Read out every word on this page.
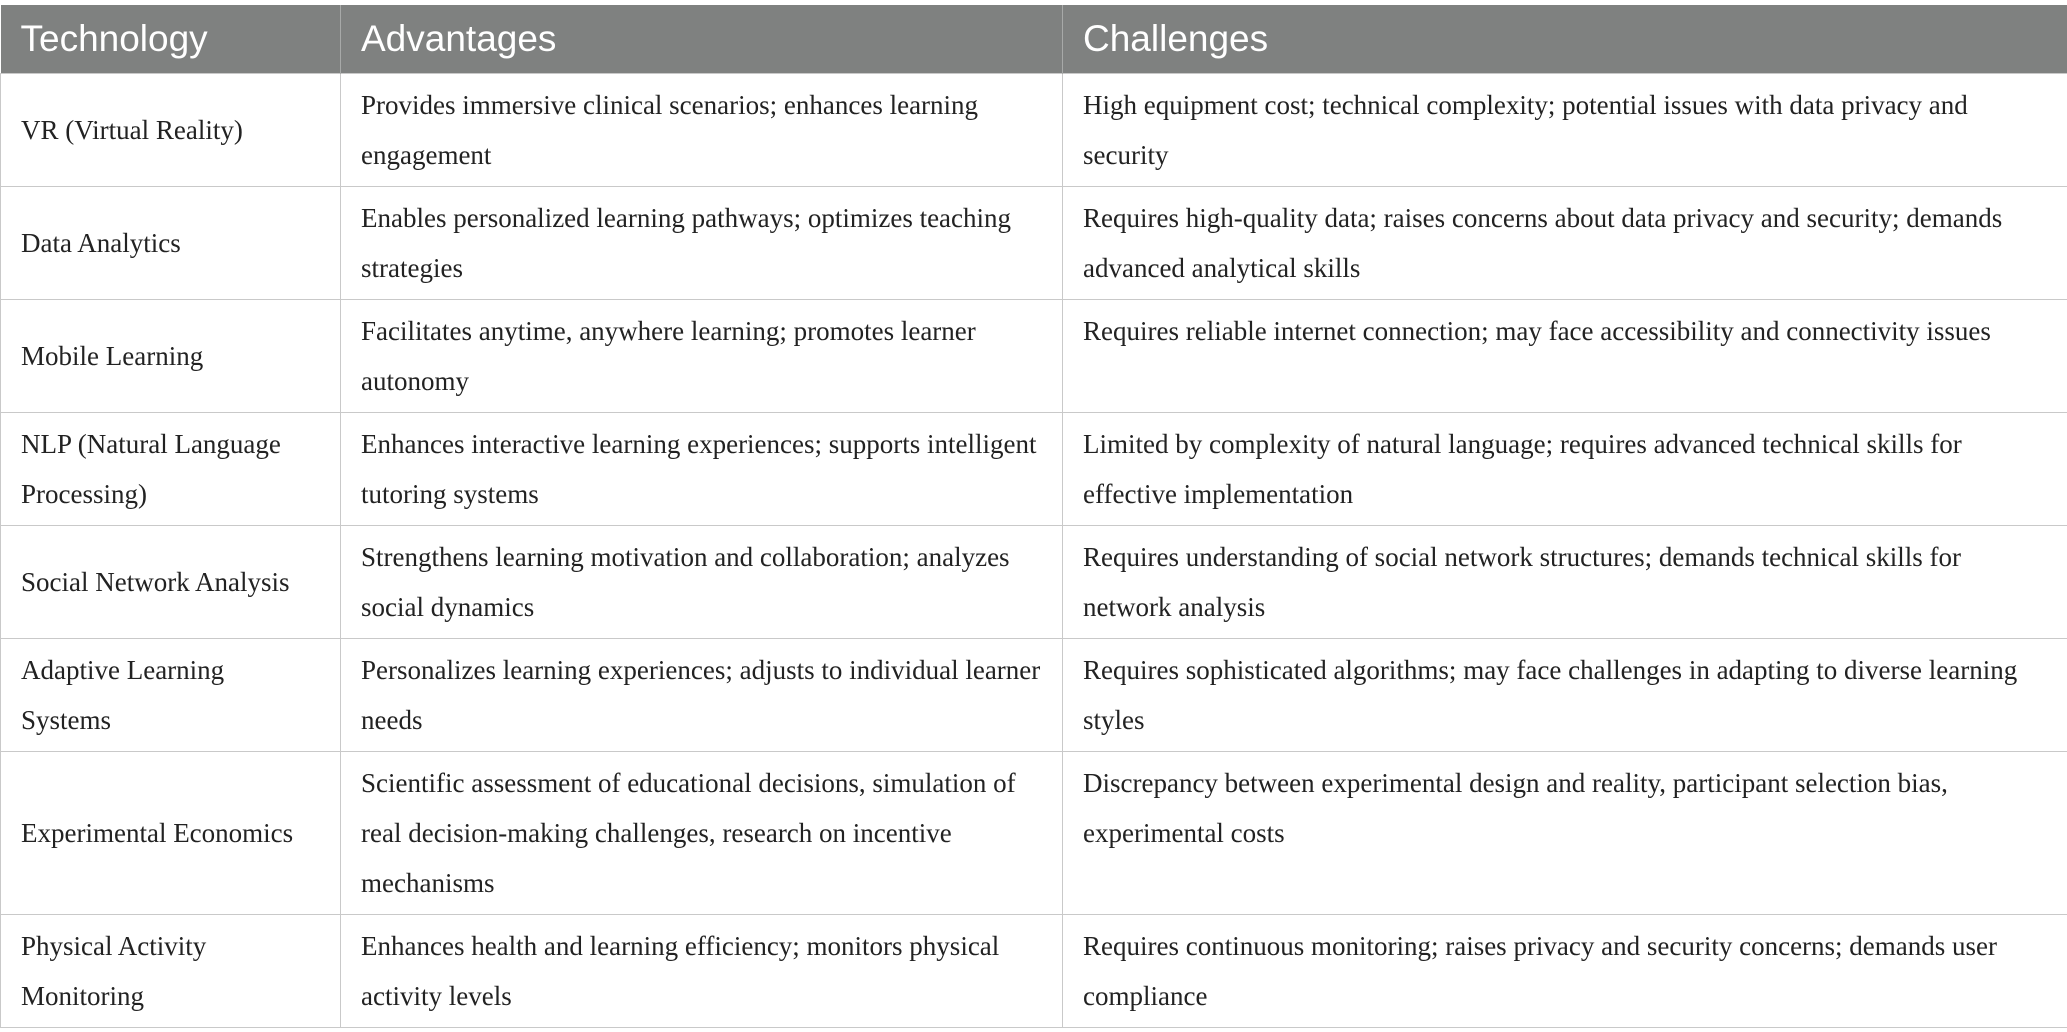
Technology	Advantages	Challenges
VR (Virtual Reality)	Provides immersive clinical scenarios; enhances learning engagement	High equipment cost; technical complexity; potential issues with data privacy and security
Data Analytics	Enables personalized learning pathways; optimizes teaching strategies	Requires high-quality data; raises concerns about data privacy and security; demands advanced analytical skills
Mobile Learning	Facilitates anytime, anywhere learning; promotes learner autonomy	Requires reliable internet connection; may face accessibility and connectivity issues
NLP (Natural Language Processing)	Enhances interactive learning experiences; supports intelligent tutoring systems	Limited by complexity of natural language; requires advanced technical skills for effective implementation
Social Network Analysis	Strengthens learning motivation and collaboration; analyzes social dynamics	Requires understanding of social network structures; demands technical skills for network analysis
Adaptive Learning Systems	Personalizes learning experiences; adjusts to individual learner needs	Requires sophisticated algorithms; may face challenges in adapting to diverse learning styles
Experimental Economics	Scientific assessment of educational decisions, simulation of real decision-making challenges, research on incentive mechanisms	Discrepancy between experimental design and reality, participant selection bias, experimental costs
Physical Activity Monitoring	Enhances health and learning efficiency; monitors physical activity levels	Requires continuous monitoring; raises privacy and security concerns; demands user compliance
